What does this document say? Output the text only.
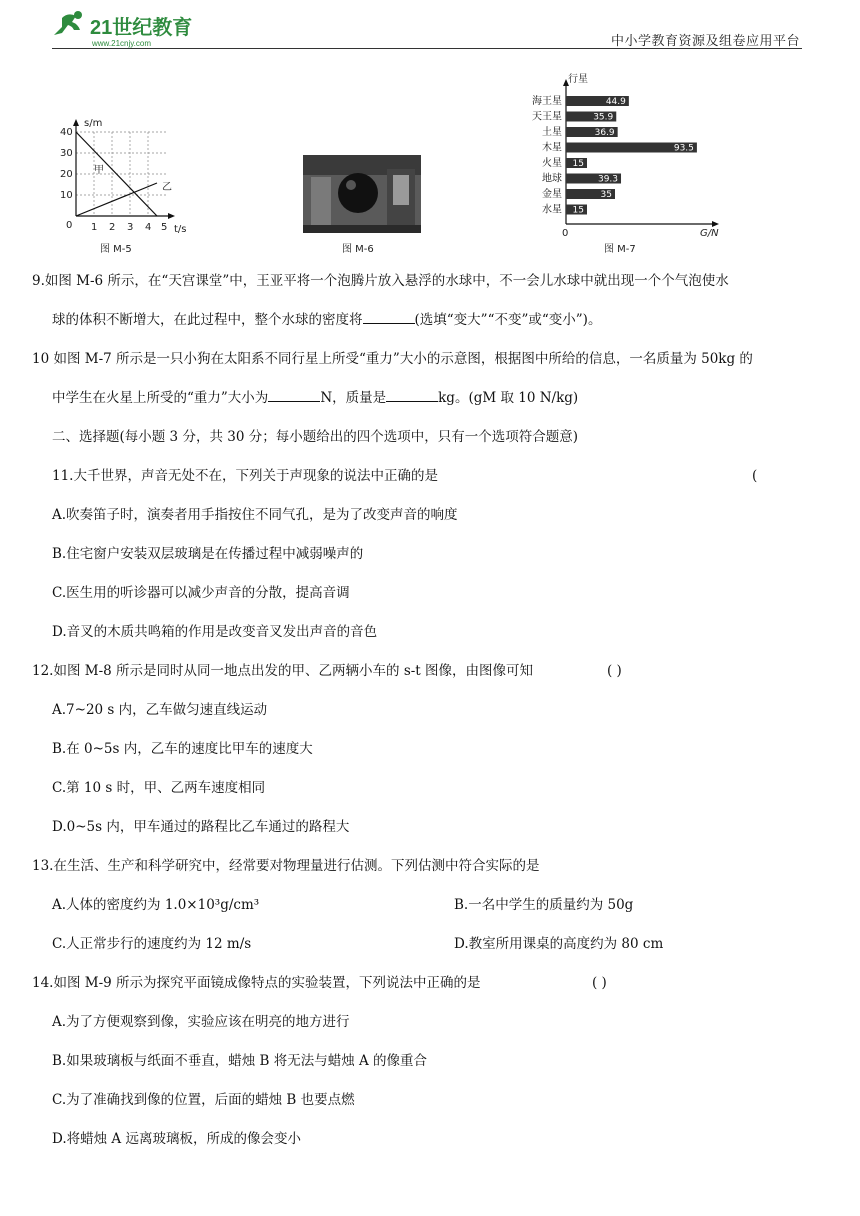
21世纪教育
www.21cnjy.com	中小学教育资源及组卷应用平台
s/m
t/s
40
30
20
10
0 1 2 3 4 5
甲
乙
图 M-5	图 M-6
行星
G/N
0
海王星	44.9
天王星	35.9
土星	36.9
木星	93.5
火星 15
地球	39.3
金星	35
水星 15
图 M-7
9.如图 M-6 所示，在“天宫课堂”中，王亚平将一个泡腾片放入悬浮的水球中，不一会儿水球中就出现一个个气泡使水
球的体积不断增大，在此过程中，整个水球的密度将	(选填“变大”“不变”或“变小”)。
10 如图 M-7 所示是一只小狗在太阳系不同行星上所受“重力”大小的示意图，根据图中所给的信息，一名质量为 50kg 的
中学生在火星上所受的“重力”大小为	N，质量是	kg。(gM 取 10 N/kg)
二、选择题(每小题 3 分，共 30 分；每小题给出的四个选项中，只有一个选项符合题意)
11.大千世界，声音无处不在，下列关于声现象的说法中正确的是	(
A.吹奏笛子时，演奏者用手指按住不同气孔，是为了改变声音的响度
B.住宅窗户安装双层玻璃是在传播过程中减弱噪声的
C.医生用的听诊器可以减少声音的分散，提高音调
D.音叉的木质共鸣箱的作用是改变音叉发出声音的音色
12.如图 M-8 所示是同时从同一地点出发的甲、乙两辆小车的 s-t 图像，由图像可知	( )
A.7~20 s 内，乙车做匀速直线运动
B.在 0~5s 内，乙车的速度比甲车的速度大
C.第 10 s 时，甲、乙两车速度相同
D.0~5s 内，甲车通过的路程比乙车通过的路程大
13.在生活、生产和科学研究中，经常要对物理量进行估测。下列估测中符合实际的是
A.人体的密度约为 1.0×10³g/cm³	B.一名中学生的质量约为 50g
C.人正常步行的速度约为 12 m/s	D.教室所用课桌的高度约为 80 cm
14.如图 M-9 所示为探究平面镜成像特点的实验装置，下列说法中正确的是	( )
A.为了方便观察到像，实验应该在明亮的地方进行
B.如果玻璃板与纸面不垂直，蜡烛 B 将无法与蜡烛 A 的像重合
C.为了准确找到像的位置，后面的蜡烛 B 也要点燃
D.将蜡烛 A 远离玻璃板，所成的像会变小
